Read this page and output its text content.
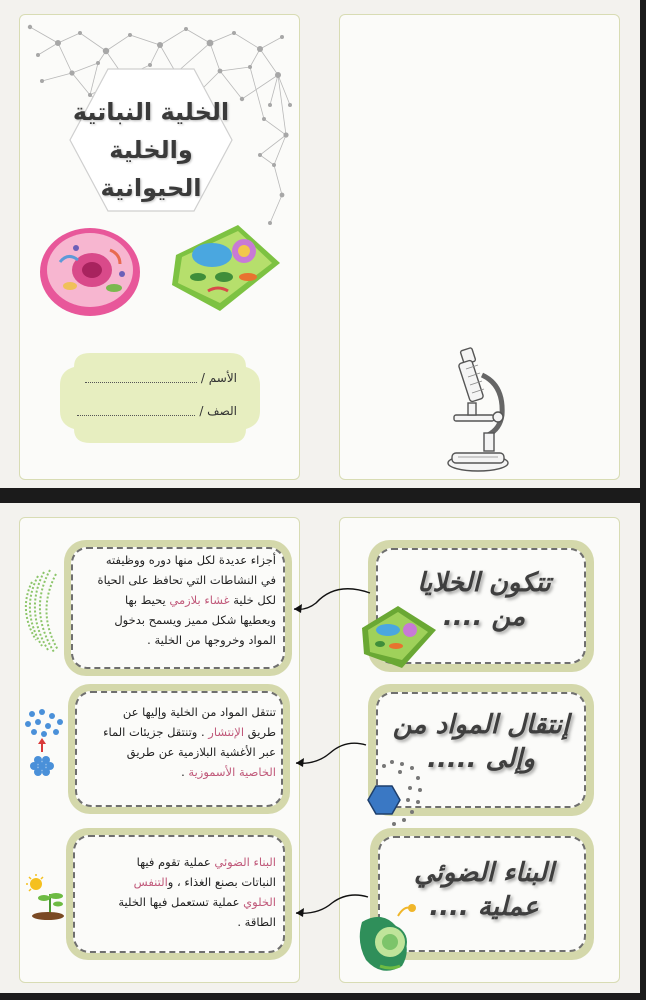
الخلية النباتية
والخلية الحيوانية
الأسم /
الصف /
أجزاء عديدة لكل منها دوره ووظيفته
في النشاطات التي تحافظ على الحياة
لكل خلية غشاء بلازمي يحيط بها
ويعطيها شكل مميز ويسمح بدخول
المواد وخروجها من الخلية .
تنتقل المواد من الخلية وإليها عن
طريق الإنتشار . وتنتقل جزيئات الماء
عبر الأغشية البلازمية عن طريق
الخاصية الأسموزية .
البناء الضوئي عملية تقوم فيها
النباتات بصنع الغذاء ، والتنفس
الخلوي عملية تستعمل فيها الخلية
الطاقة .
تتكون الخلايا
من ....
إنتقال المواد من
وإلى .....
البناء الضوئي
عملية ....
